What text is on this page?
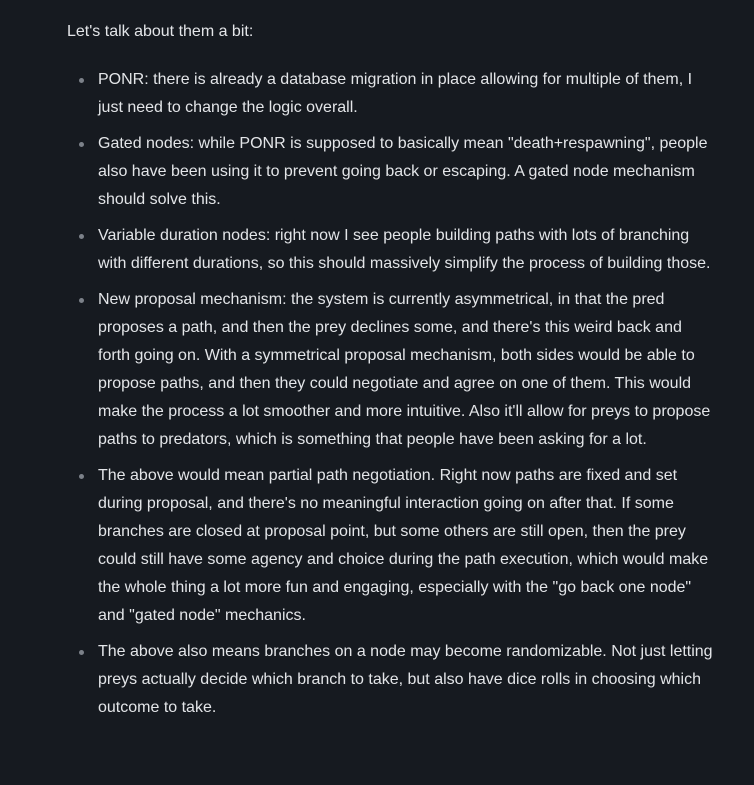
Let's talk about them a bit:

PONR: there is already a database migration in place allowing for multiple of them, I just need to change the logic overall.
Gated nodes: while PONR is supposed to basically mean "death+respawning", people also have been using it to prevent going back or escaping. A gated node mechanism should solve this.
Variable duration nodes: right now I see people building paths with lots of branching with different durations, so this should massively simplify the process of building those.
New proposal mechanism: the system is currently asymmetrical, in that the pred proposes a path, and then the prey declines some, and there's this weird back and forth going on. With a symmetrical proposal mechanism, both sides would be able to propose paths, and then they could negotiate and agree on one of them. This would make the process a lot smoother and more intuitive. Also it'll allow for preys to propose paths to predators, which is something that people have been asking for a lot.
The above would mean partial path negotiation. Right now paths are fixed and set during proposal, and there's no meaningful interaction going on after that. If some branches are closed at proposal point, but some others are still open, then the prey could still have some agency and choice during the path execution, which would make the whole thing a lot more fun and engaging, especially with the "go back one node" and "gated node" mechanics.
The above also means branches on a node may become randomizable. Not just letting preys actually decide which branch to take, but also have dice rolls in choosing which outcome to take.
